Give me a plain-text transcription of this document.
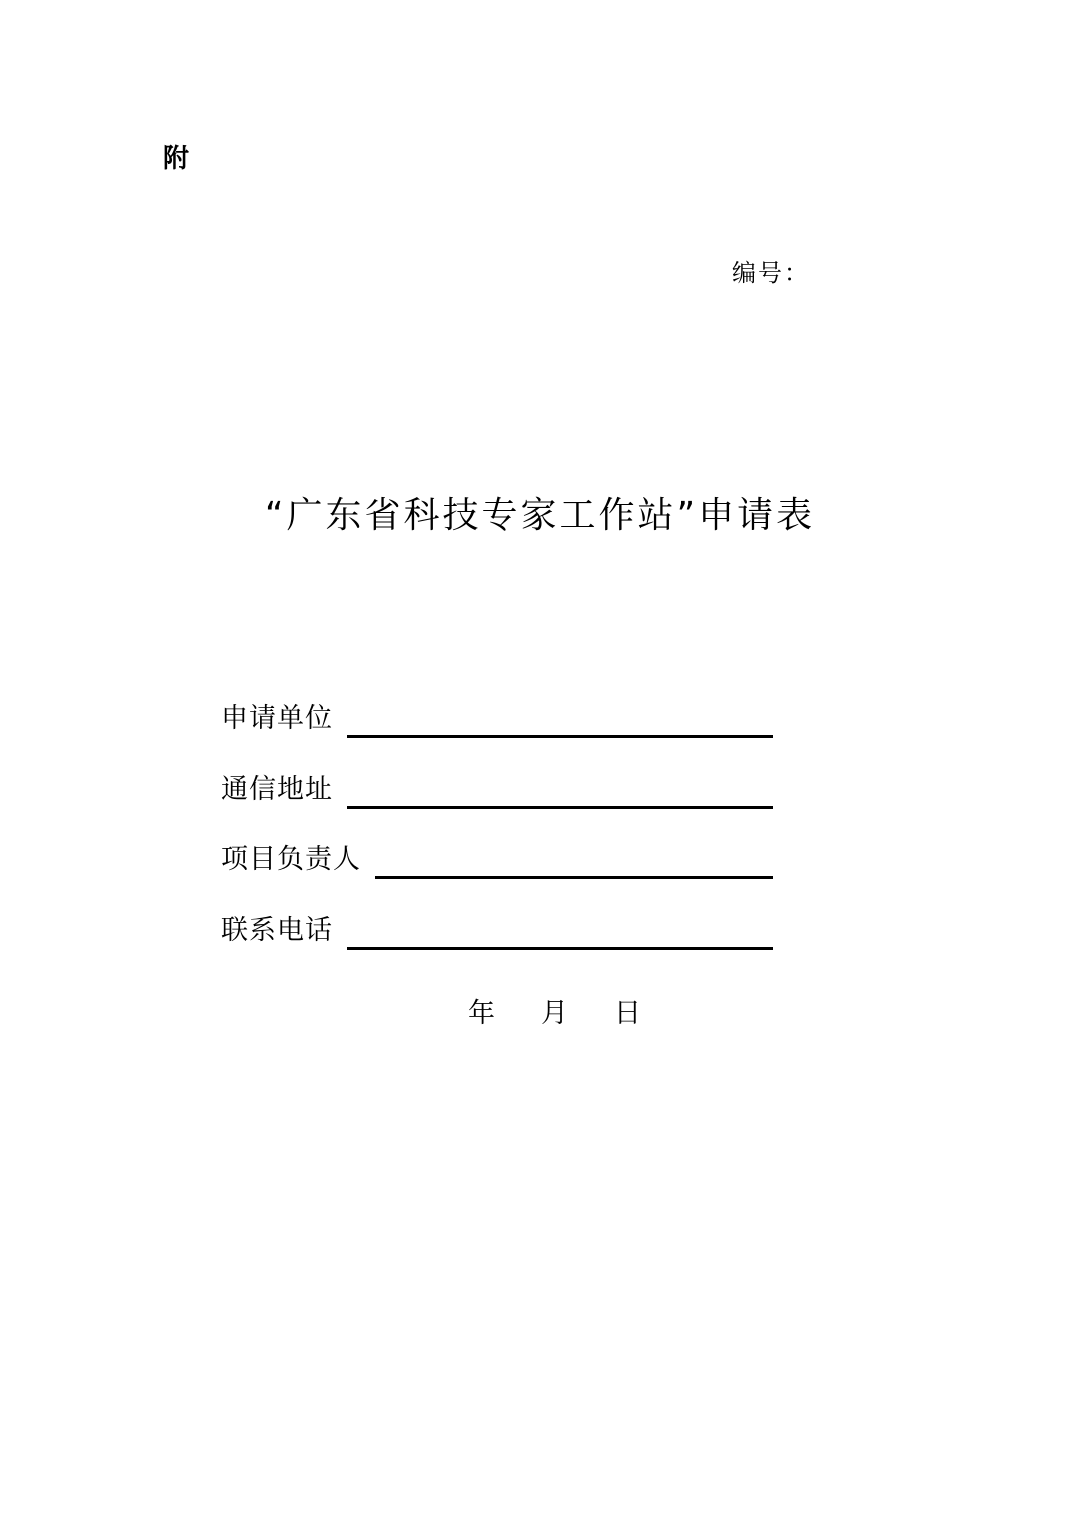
附
编号：
“广东省科技专家工作站”申请表
申请单位
通信地址
项目负责人
联系电话
年	月	日
